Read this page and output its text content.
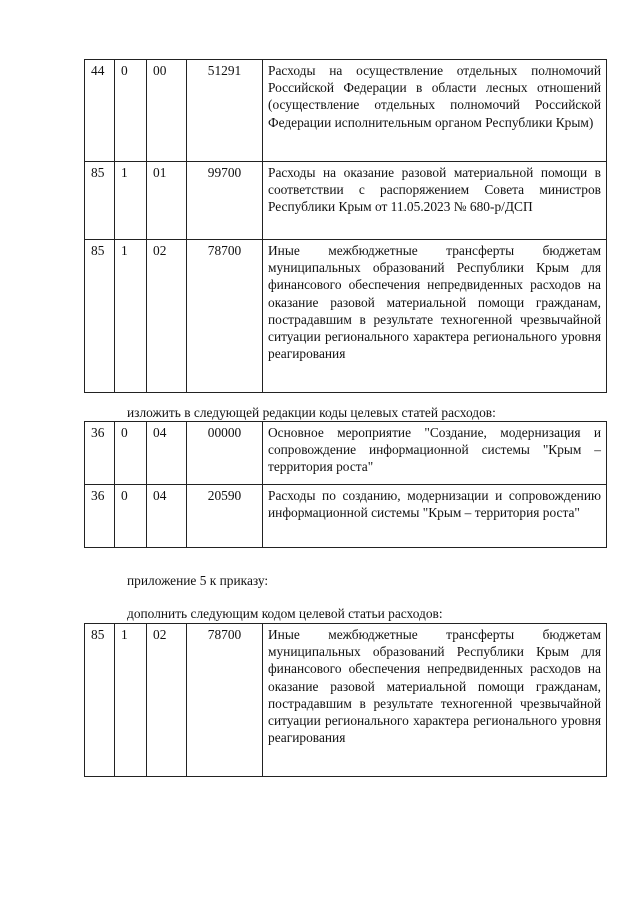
44	0	00	51291	Расходы на осуществление отдельных полномочий Российской Федерации в области лесных отношений (осуществление отдельных полномочий Российской Федерации исполнительным органом Республики Крым)
85	1	01	99700	Расходы на оказание разовой материальной помощи в соответствии с распоряжением Совета министров Республики Крым от 11.05.2023 № 680-р/ДСП
85	1	02	78700	Иные межбюджетные трансферты бюджетам муниципальных образований Республики Крым для финансового обеспечения непредвиденных расходов на оказание разовой материальной помощи гражданам, пострадавшим в результате техногенной чрезвычайной ситуации регионального характера регионального уровня реагирования
изложить в следующей редакции коды целевых статей расходов:
36	0	04	00000	Основное мероприятие "Создание, модернизация и сопровождение информационной системы "Крым – территория роста"
36	0	04	20590	Расходы по созданию, модернизации и сопровождению информационной системы "Крым – территория роста"
приложение 5 к приказу:
дополнить следующим кодом целевой статьи расходов:
85	1	02	78700	Иные межбюджетные трансферты бюджетам муниципальных образований Республики Крым для финансового обеспечения непредвиденных расходов на оказание разовой материальной помощи гражданам, пострадавшим в результате техногенной чрезвычайной ситуации регионального характера регионального уровня реагирования
